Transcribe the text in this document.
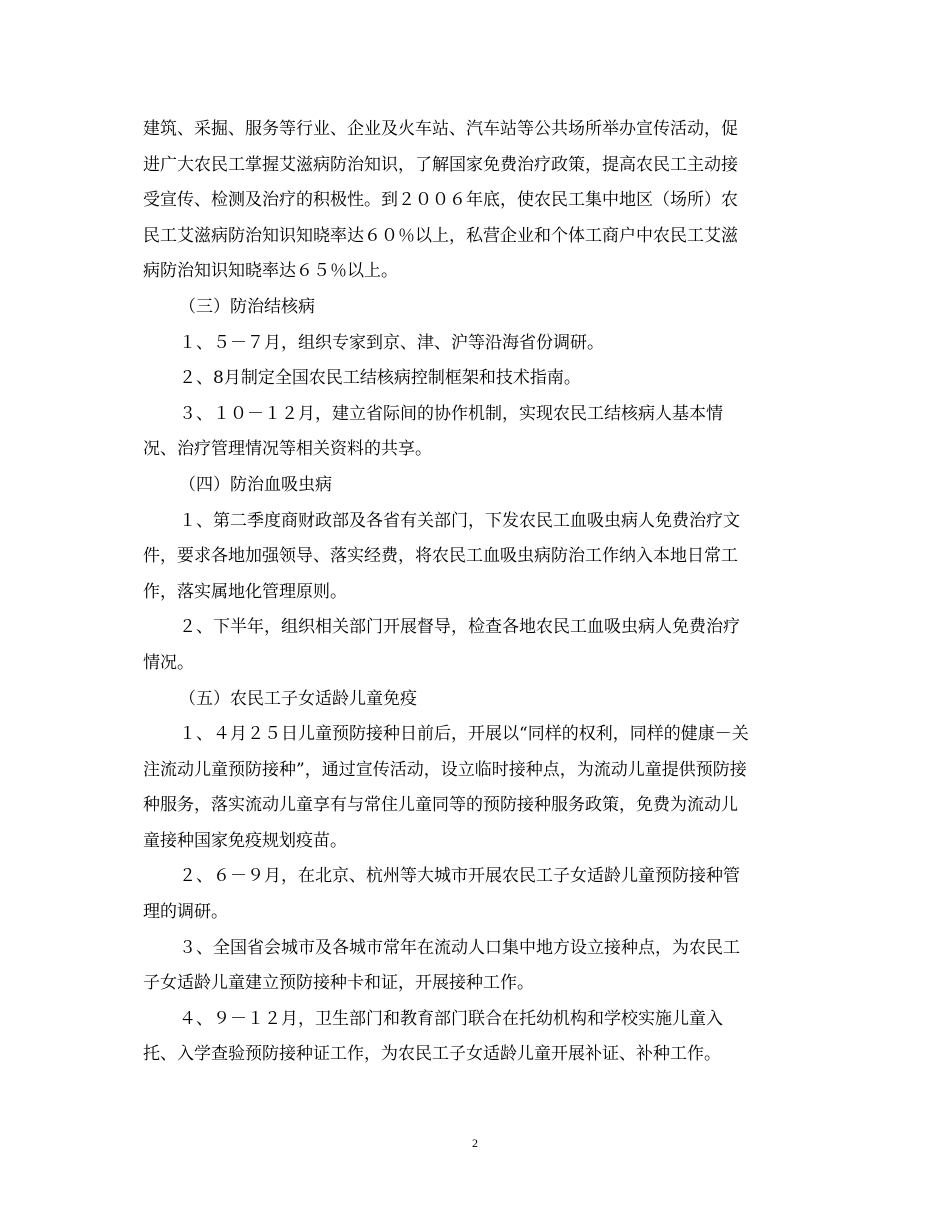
建筑、采掘、服务等行业、企业及火车站、汽车站等公共场所举办宣传活动，促
进广大农民工掌握艾滋病防治知识，了解国家免费治疗政策，提高农民工主动接
受宣传、检测及治疗的积极性。到２００６年底，使农民工集中地区（场所）农
民工艾滋病防治知识知晓率达６０％以上，私营企业和个体工商户中农民工艾滋
病防治知识知晓率达６５％以上。
（三）防治结核病
１、５－７月，组织专家到京、津、沪等沿海省份调研。
２、8月制定全国农民工结核病控制框架和技术指南。
３、１０－１２月，建立省际间的协作机制，实现农民工结核病人基本情
况、治疗管理情况等相关资料的共享。
（四）防治血吸虫病
１、第二季度商财政部及各省有关部门，下发农民工血吸虫病人免费治疗文
件，要求各地加强领导、落实经费，将农民工血吸虫病防治工作纳入本地日常工
作，落实属地化管理原则。
２、下半年，组织相关部门开展督导，检查各地农民工血吸虫病人免费治疗
情况。
（五）农民工子女适龄儿童免疫
１、４月２５日儿童预防接种日前后，开展以“同样的权利，同样的健康－关
注流动儿童预防接种”，通过宣传活动，设立临时接种点，为流动儿童提供预防接
种服务，落实流动儿童享有与常住儿童同等的预防接种服务政策，免费为流动儿
童接种国家免疫规划疫苗。
２、６－９月，在北京、杭州等大城市开展农民工子女适龄儿童预防接种管
理的调研。
３、全国省会城市及各城市常年在流动人口集中地方设立接种点，为农民工
子女适龄儿童建立预防接种卡和证，开展接种工作。
４、９－１２月，卫生部门和教育部门联合在托幼机构和学校实施儿童入
托、入学查验预防接种证工作，为农民工子女适龄儿童开展补证、补种工作。
2
